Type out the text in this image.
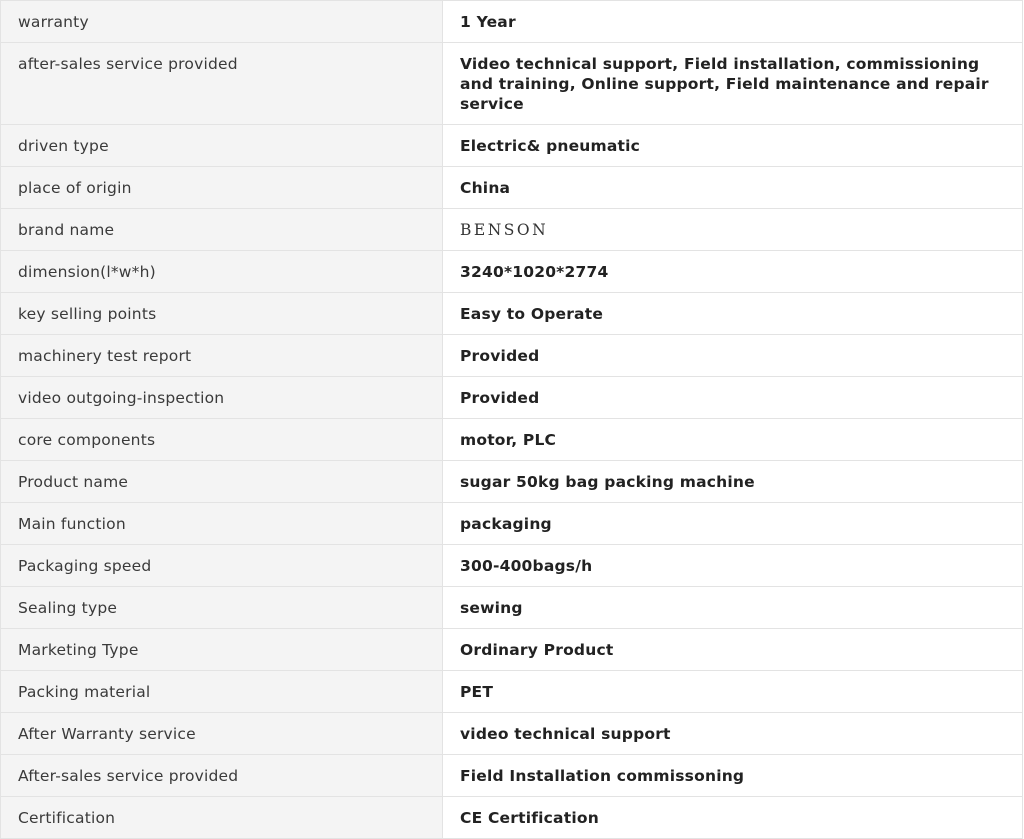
warranty	1 Year
after-sales service provided	Video technical support, Field installation, commissioning and training, Online support, Field maintenance and repair service
driven type	Electric& pneumatic
place of origin	China
brand name	BENSON
dimension(l*w*h)	3240*1020*2774
key selling points	Easy to Operate
machinery test report	Provided
video outgoing-inspection	Provided
core components	motor, PLC
Product name	sugar 50kg bag packing machine
Main function	packaging
Packaging speed	300-400bags/h
Sealing type	sewing
Marketing Type	Ordinary Product
Packing material	PET
After Warranty service	video technical support
After-sales service provided	Field Installation commissoning
Certification	CE Certification
